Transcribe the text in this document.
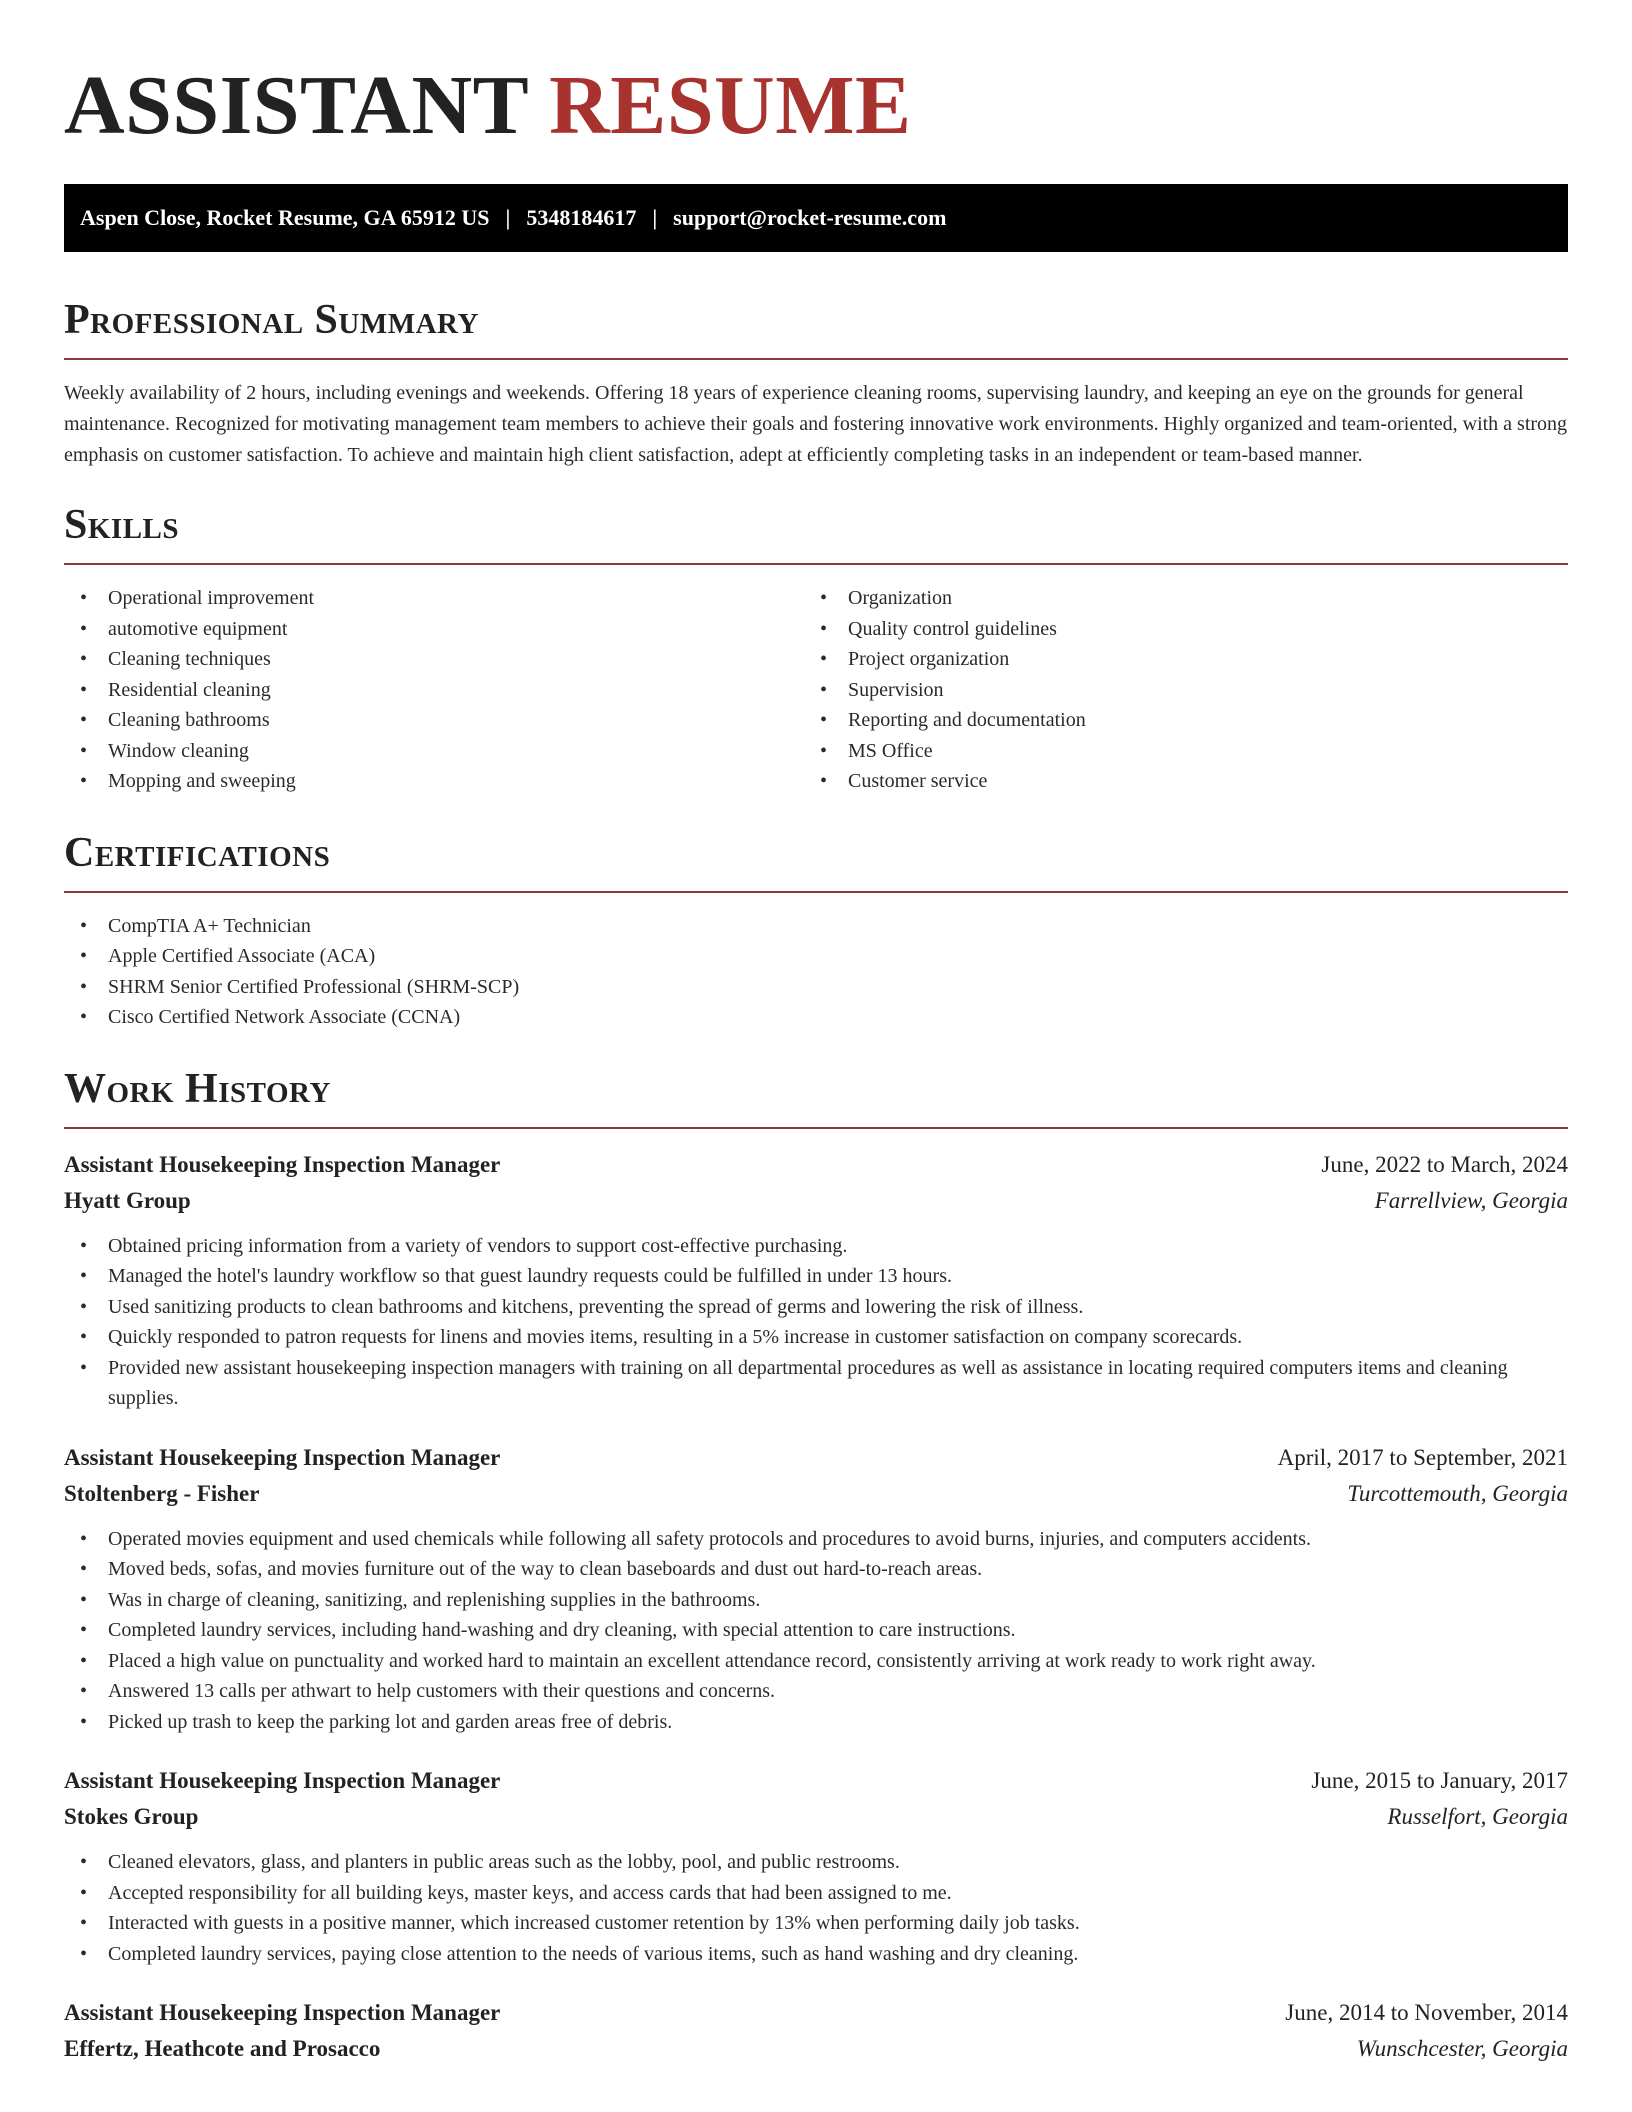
ASSISTANT RESUME
Aspen Close, Rocket Resume, GA 65912 US | 5348184617 | support@rocket-resume.com
Professional Summary

Weekly availability of 2 hours, including evenings and weekends. Offering 18 years of experience cleaning rooms, supervising laundry, and keeping an eye on the grounds for general maintenance. Recognized for motivating management team members to achieve their goals and fostering innovative work environments. Highly organized and team-oriented, with a strong emphasis on customer satisfaction. To achieve and maintain high client satisfaction, adept at efficiently completing tasks in an independent or team-based manner.

Skills
• Operational improvement
• automotive equipment
• Cleaning techniques
• Residential cleaning
• Cleaning bathrooms
• Window cleaning
• Mopping and sweeping
• Organization
• Quality control guidelines
• Project organization
• Supervision
• Reporting and documentation
• MS Office
• Customer service
Certifications
• CompTIA A+ Technician
• Apple Certified Associate (ACA)
• SHRM Senior Certified Professional (SHRM-SCP)
• Cisco Certified Network Associate (CCNA)
Work History
Assistant Housekeeping Inspection Manager	June, 2022 to March, 2024
Hyatt Group	Farrellview, Georgia
• Obtained pricing information from a variety of vendors to support cost-effective purchasing.
• Managed the hotel's laundry workflow so that guest laundry requests could be fulfilled in under 13 hours.
• Used sanitizing products to clean bathrooms and kitchens, preventing the spread of germs and lowering the risk of illness.
• Quickly responded to patron requests for linens and movies items, resulting in a 5% increase in customer satisfaction on company scorecards.
• Provided new assistant housekeeping inspection managers with training on all departmental procedures as well as assistance in locating required computers items and cleaning supplies.
Assistant Housekeeping Inspection Manager	April, 2017 to September, 2021
Stoltenberg - Fisher	Turcottemouth, Georgia
• Operated movies equipment and used chemicals while following all safety protocols and procedures to avoid burns, injuries, and computers accidents.
• Moved beds, sofas, and movies furniture out of the way to clean baseboards and dust out hard-to-reach areas.
• Was in charge of cleaning, sanitizing, and replenishing supplies in the bathrooms.
• Completed laundry services, including hand-washing and dry cleaning, with special attention to care instructions.
• Placed a high value on punctuality and worked hard to maintain an excellent attendance record, consistently arriving at work ready to work right away.
• Answered 13 calls per athwart to help customers with their questions and concerns.
• Picked up trash to keep the parking lot and garden areas free of debris.
Assistant Housekeeping Inspection Manager	June, 2015 to January, 2017
Stokes Group	Russelfort, Georgia
• Cleaned elevators, glass, and planters in public areas such as the lobby, pool, and public restrooms.
• Accepted responsibility for all building keys, master keys, and access cards that had been assigned to me.
• Interacted with guests in a positive manner, which increased customer retention by 13% when performing daily job tasks.
• Completed laundry services, paying close attention to the needs of various items, such as hand washing and dry cleaning.
Assistant Housekeeping Inspection Manager	June, 2014 to November, 2014
Effertz, Heathcote and Prosacco	Wunschcester, Georgia
